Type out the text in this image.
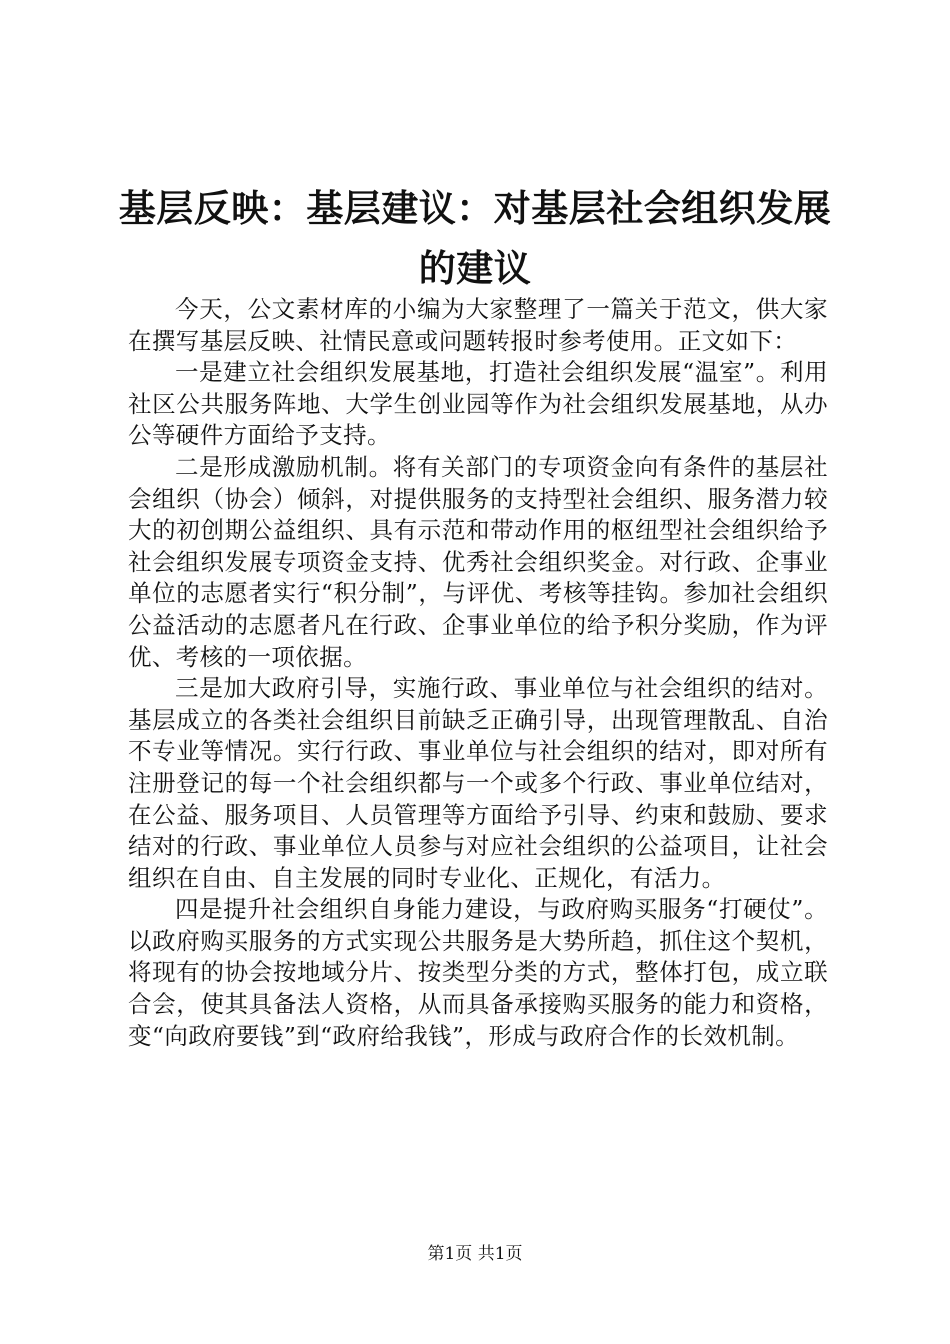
基层反映：基层建议：对基层社会组织发展的建议

今天，公文素材库的小编为大家整理了一篇关于范文，供大家在撰写基层反映、社情民意或问题转报时参考使用。正文如下：

一是建立社会组织发展基地，打造社会组织发展“温室”。利用社区公共服务阵地、大学生创业园等作为社会组织发展基地，从办公等硬件方面给予支持。

二是形成激励机制。将有关部门的专项资金向有条件的基层社会组织（协会）倾斜，对提供服务的支持型社会组织、服务潜力较大的初创期公益组织、具有示范和带动作用的枢纽型社会组织给予社会组织发展专项资金支持、优秀社会组织奖金。对行政、企事业单位的志愿者实行“积分制”，与评优、考核等挂钩。参加社会组织公益活动的志愿者凡在行政、企事业单位的给予积分奖励，作为评优、考核的一项依据。

三是加大政府引导，实施行政、事业单位与社会组织的结对。基层成立的各类社会组织目前缺乏正确引导，出现管理散乱、自治不专业等情况。实行行政、事业单位与社会组织的结对，即对所有注册登记的每一个社会组织都与一个或多个行政、事业单位结对，在公益、服务项目、人员管理等方面给予引导、约束和鼓励、要求结对的行政、事业单位人员参与对应社会组织的公益项目，让社会组织在自由、自主发展的同时专业化、正规化，有活力。

四是提升社会组织自身能力建设，与政府购买服务“打硬仗”。以政府购买服务的方式实现公共服务是大势所趋，抓住这个契机，将现有的协会按地域分片、按类型分类的方式，整体打包，成立联合会，使其具备法人资格，从而具备承接购买服务的能力和资格，变“向政府要钱”到“政府给我钱”，形成与政府合作的长效机制。

第1页 共1页
